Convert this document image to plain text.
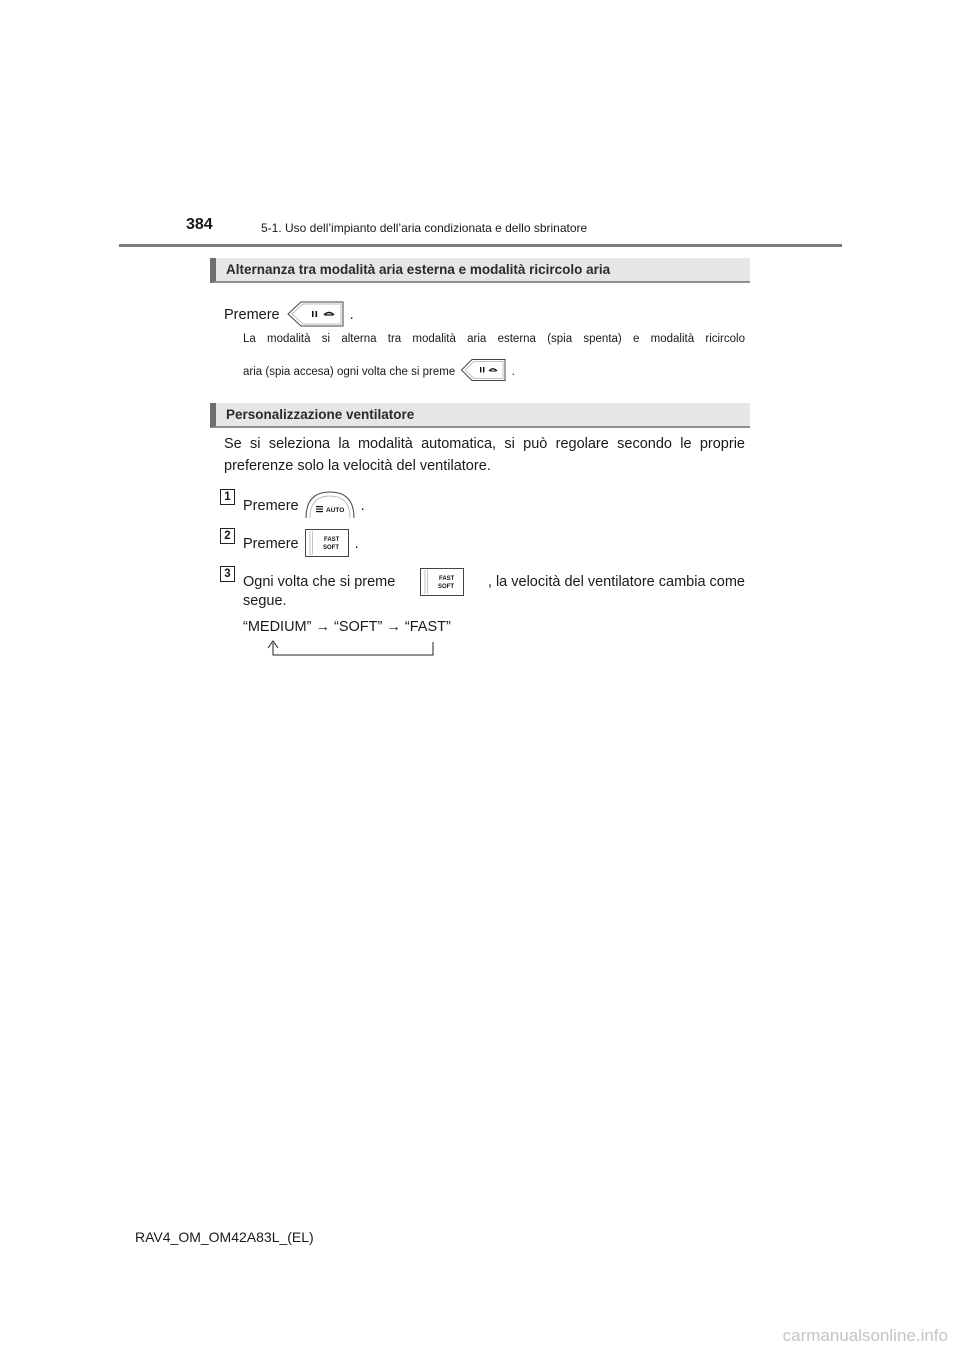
384	5-1. Uso dell’impianto dell’aria condizionata e dello sbrinatore
Alternanza tra modalità aria esterna e modalità ricircolo aria
Premere	.
La modalità si alterna tra modalità aria esterna (spia spenta) e modalità ricircolo
aria (spia accesa) ogni volta che si preme	.
Personalizzazione ventilatore
Se si seleziona la modalità automatica, si può regolare secondo le proprie
preferenze solo la velocità del ventilatore.
1
Premere	AUTO .
2 Premere	FAST
SOFT .
3 Ogni volta che si preme	FAST
SOFT , la velocità del ventilatore cambia come
segue.
“MEDIUM” → “SOFT” → “FAST”
RAV4_OM_OM42A83L_(EL)
carmanualsonline.info
